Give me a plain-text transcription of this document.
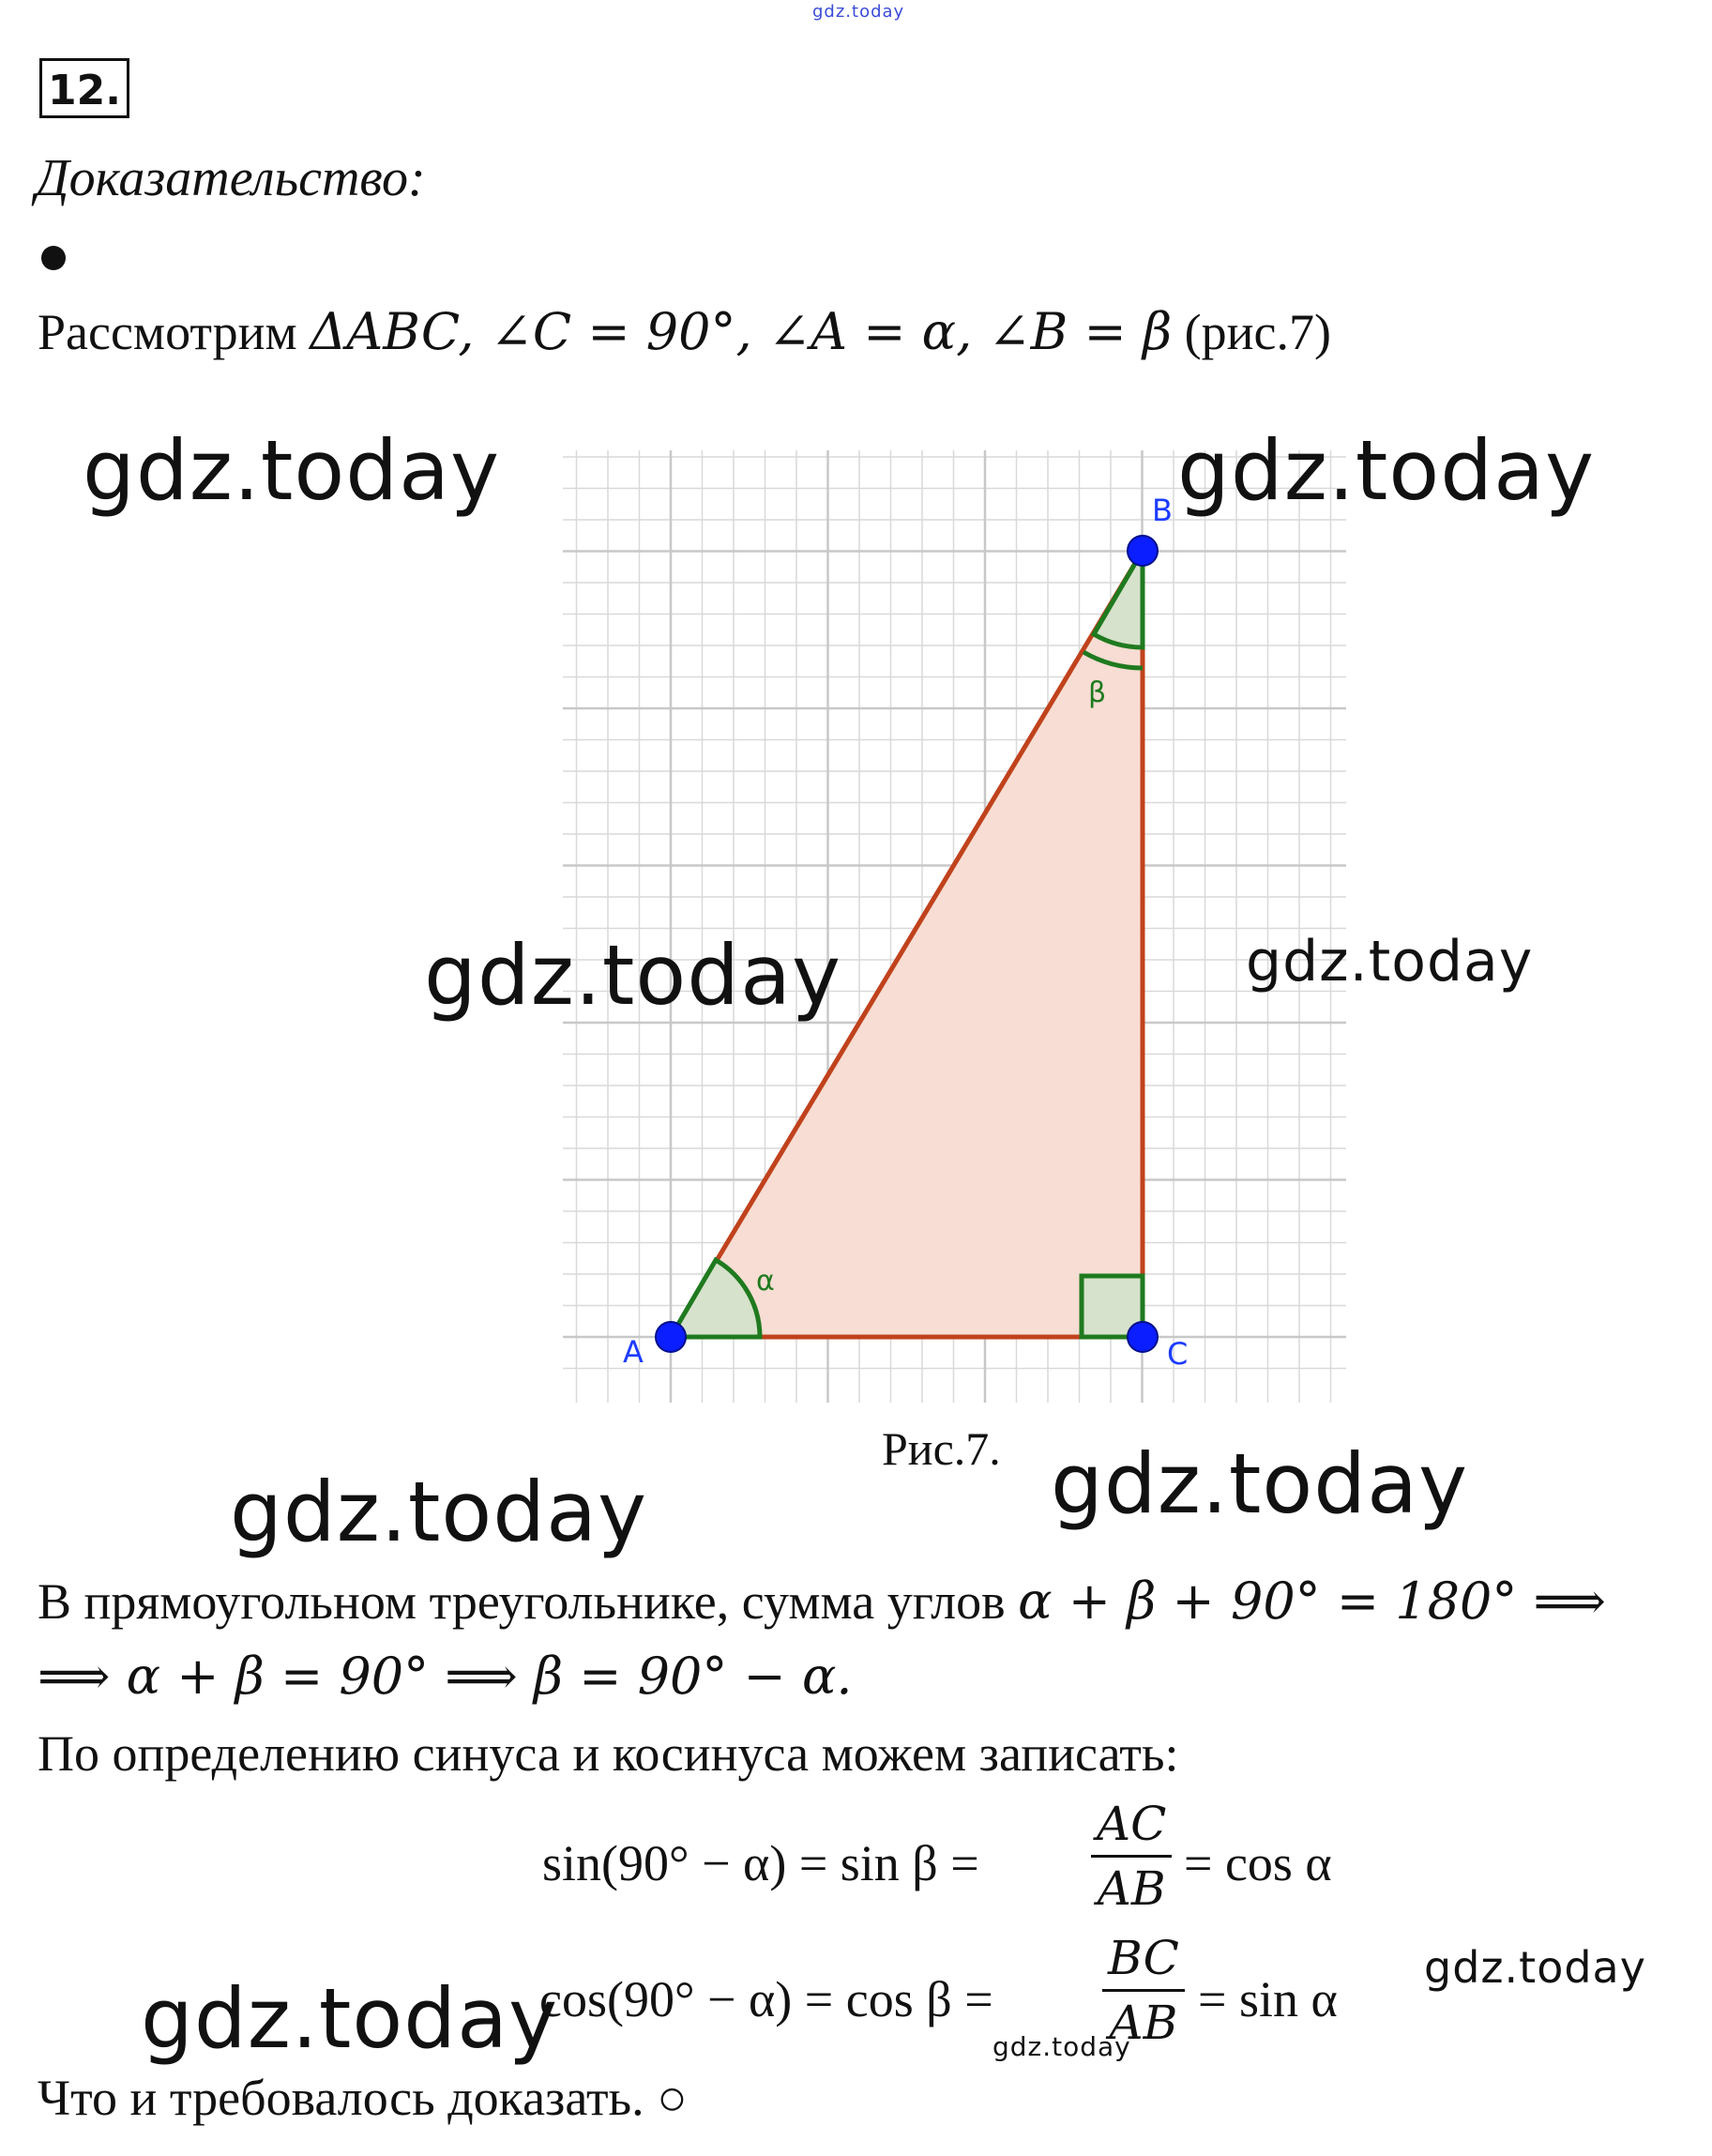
gdz.today
12.
Доказательство:
Рассмотрим ΔABC, ∠C = 90°, ∠A = α, ∠B = β (рис.7)
α
β
A
B
C
Рис.7.
gdz.today	gdz.today
gdz.today	gdz.today
gdz.today	gdz.today
gdz.today
gdz.today	gdz.today
В прямоугольном треугольнике, сумма углов α + β + 90° = 180° ⟹
⟹ α + β = 90° ⟹ β = 90° − α.
По определению синуса и косинуса можем записать:
sin(90° − α) = sin β =
AC
AB = cos α
cos(90° − α) = cos β =
BC
AB = sin α
Что и требовалось доказать. ○
